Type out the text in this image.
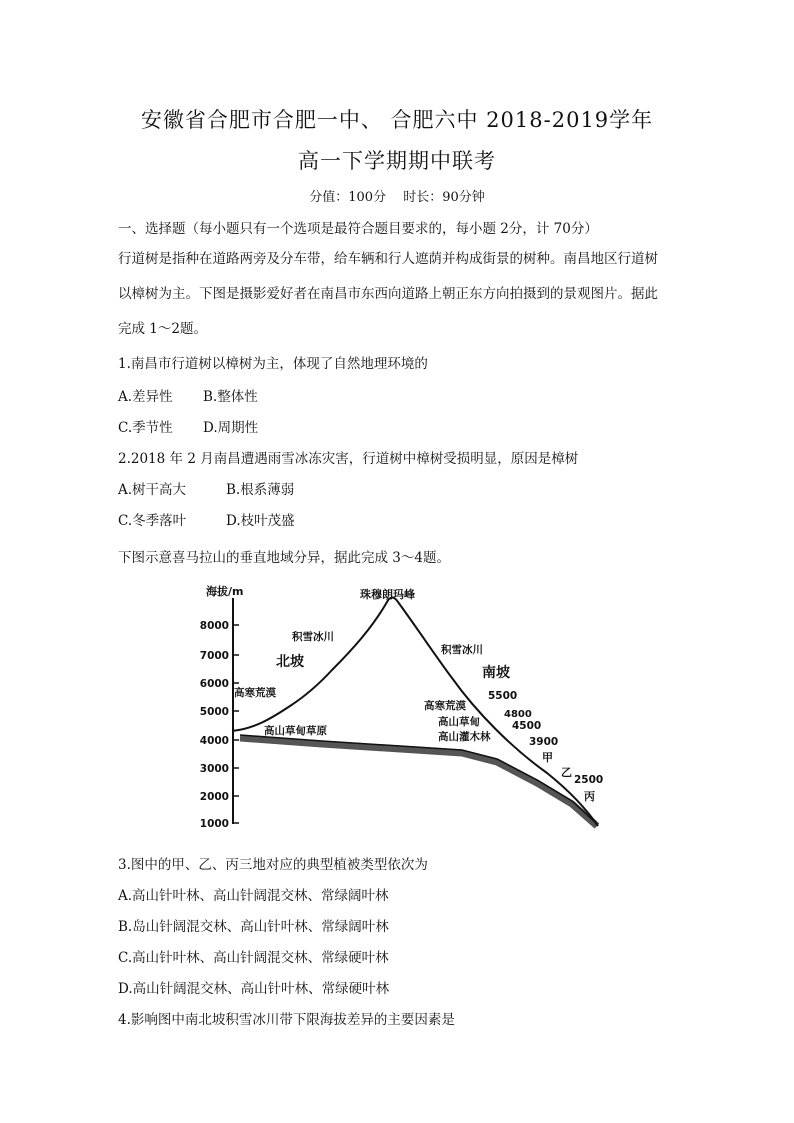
安徽省合肥市合肥一中、 合肥六中 2018-2019学年
高一下学期期中联考
分值：100分　 时长：90分钟
一、选择题（每小题只有一个选项是最符合题目要求的，每小题 2分，计 70分）
行道树是指种在道路两旁及分车带，给车辆和行人遮荫并构成街景的树种。南昌地区行道树
以樟树为主。下图是摄影爱好者在南昌市东西向道路上朝正东方向拍摄到的景观图片。据此
完成 1～2题。
1.南昌市行道树以樟树为主，体现了自然地理环境的
A.差异性 B.整体性
C.季节性 D.周期性
2.2018 年 2 月南昌遭遇雨雪冰冻灾害，行道树中樟树受损明显，原因是樟树
A.树干高大	B.根系薄弱
C.冬季落叶	D.枝叶茂盛
下图示意喜马拉山的垂直地域分异，据此完成 3～4题。
海拔/m
8000
7000
6000
5000
4000
3000
2000
1000
珠穆朗玛峰
积雪冰川
北坡
高寒荒漠
高山草甸草原
积雪冰川
南坡
高寒荒漠
高山草甸
高山灌木林
5500
4800
4500
3900
甲
乙
2500
丙
3.图中的甲、乙、丙三地对应的典型植被类型依次为
A.高山针叶林、高山针阔混交林、常绿阔叶林
B.岛山针阔混交林、高山针叶林、常绿阔叶林
C.高山针叶林、高山针阔混交林、常绿硬叶林
D.高山针阔混交林、高山针叶林、常绿硬叶林
4.影响图中南北坡积雪冰川带下限海拔差异的主要因素是
